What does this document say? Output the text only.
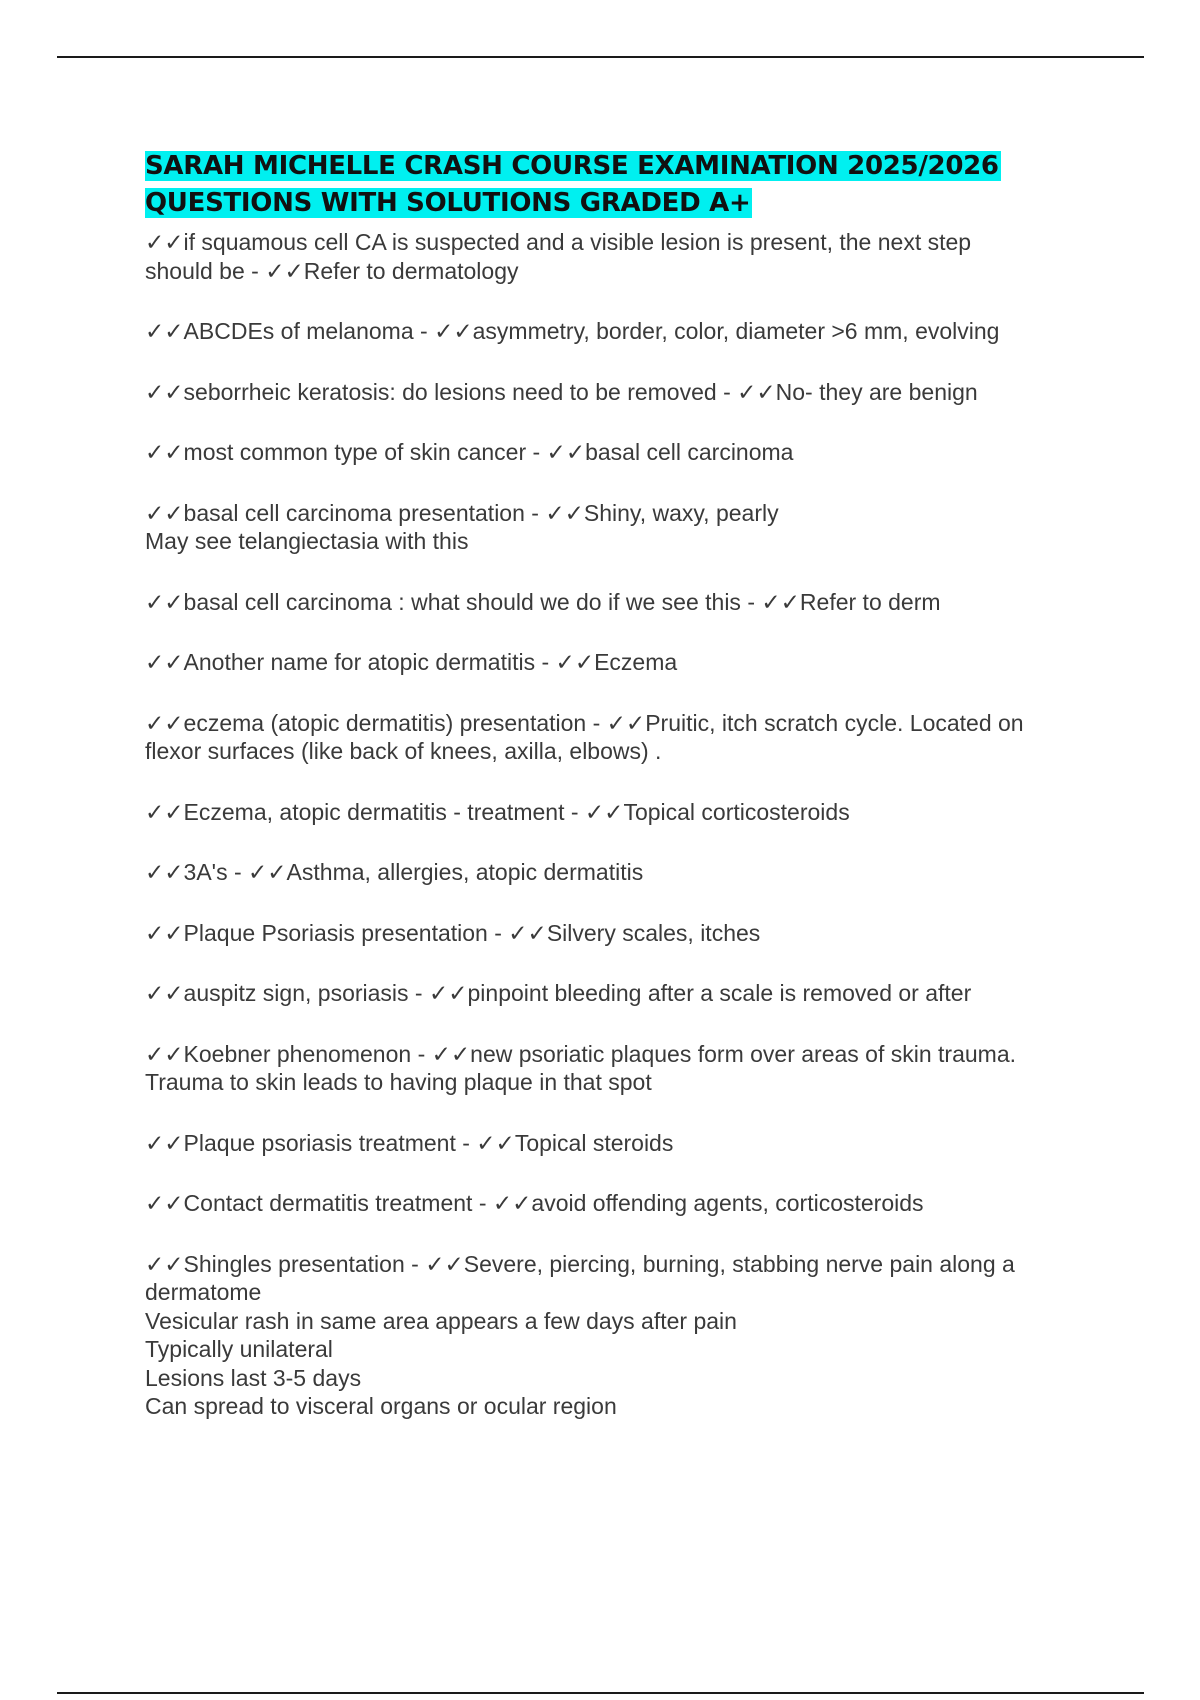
SARAH MICHELLE CRASH COURSE EXAMINATION 2025/2026 QUESTIONS WITH SOLUTIONS GRADED A+
✓✓if squamous cell CA is suspected and a visible lesion is present, the next step
should be - ✓✓Refer to dermatology
✓✓ABCDEs of melanoma - ✓✓asymmetry, border, color, diameter >6 mm, evolving
✓✓seborrheic keratosis: do lesions need to be removed - ✓✓No- they are benign
✓✓most common type of skin cancer - ✓✓basal cell carcinoma
✓✓basal cell carcinoma presentation - ✓✓Shiny, waxy, pearly
May see telangiectasia with this
✓✓basal cell carcinoma : what should we do if we see this - ✓✓Refer to derm
✓✓Another name for atopic dermatitis - ✓✓Eczema
✓✓eczema (atopic dermatitis) presentation - ✓✓Pruitic, itch scratch cycle. Located on
flexor surfaces (like back of knees, axilla, elbows) .
✓✓Eczema, atopic dermatitis - treatment - ✓✓Topical corticosteroids
✓✓3A's - ✓✓Asthma, allergies, atopic dermatitis
✓✓Plaque Psoriasis presentation - ✓✓Silvery scales, itches
✓✓auspitz sign, psoriasis - ✓✓pinpoint bleeding after a scale is removed or after
✓✓Koebner phenomenon - ✓✓new psoriatic plaques form over areas of skin trauma.
Trauma to skin leads to having plaque in that spot
✓✓Plaque psoriasis treatment - ✓✓Topical steroids
✓✓Contact dermatitis treatment - ✓✓avoid offending agents, corticosteroids
✓✓Shingles presentation - ✓✓Severe, piercing, burning, stabbing nerve pain along a
dermatome
Vesicular rash in same area appears a few days after pain
Typically unilateral
Lesions last 3-5 days
Can spread to visceral organs or ocular region
